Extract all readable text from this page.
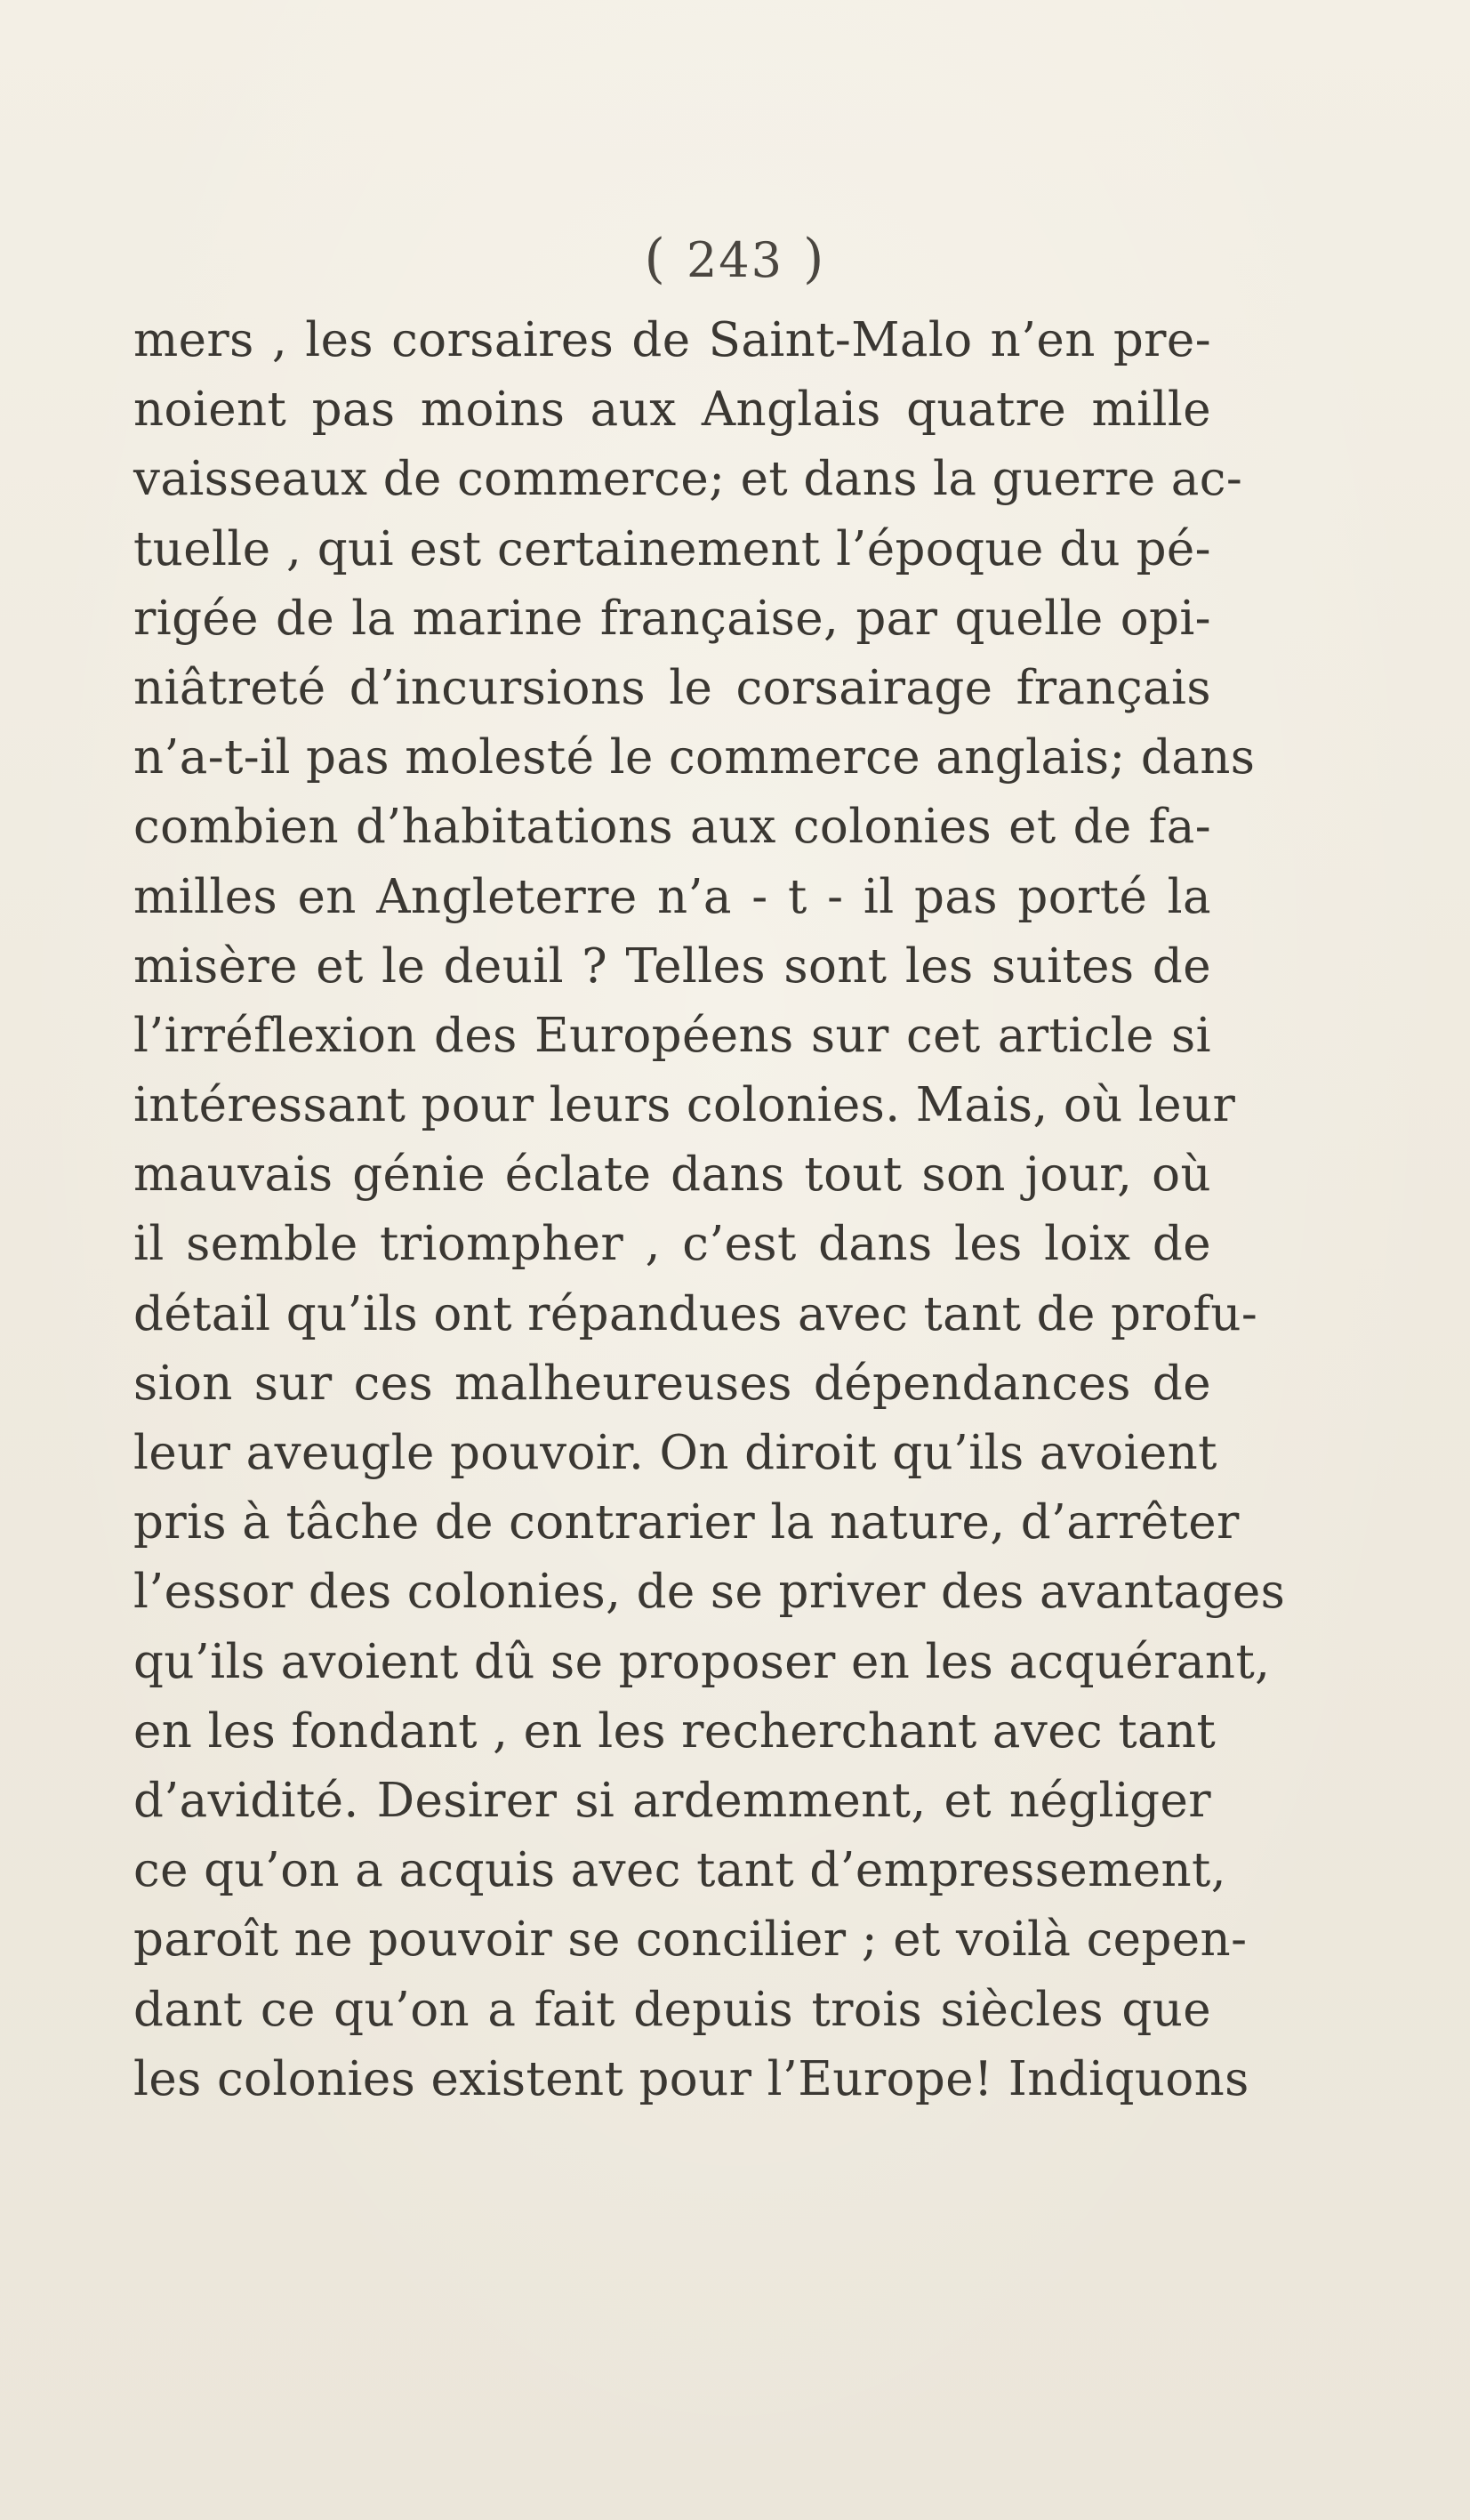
( 243 )
mers , les corsaires de Saint-Malo n’en pre-
noient pas moins aux Anglais quatre mille
vaisseaux de commerce; et dans la guerre ac-
tuelle , qui est certainement l’époque du pé-
rigée de la marine française, par quelle opi-
niâtreté d’incursions le corsairage français
n’a-t-il pas molesté le commerce anglais; dans
combien d’habitations aux colonies et de fa-
milles en Angleterre n’a - t - il pas porté la
misère et le deuil ? Telles sont les suites de
l’irréflexion des Européens sur cet article si
intéressant pour leurs colonies. Mais, où leur
mauvais génie éclate dans tout son jour, où
il semble triompher , c’est dans les loix de
détail qu’ils ont répandues avec tant de profu-
sion sur ces malheureuses dépendances de
leur aveugle pouvoir. On diroit qu’ils avoient
pris à tâche de contrarier la nature, d’arrêter
l’essor des colonies, de se priver des avantages
qu’ils avoient dû se proposer en les acquérant,
en les fondant , en les recherchant avec tant
d’avidité. Desirer si ardemment, et négliger
ce qu’on a acquis avec tant d’empressement,
paroît ne pouvoir se concilier ; et voilà cepen-
dant ce qu’on a fait depuis trois siècles que
les colonies existent pour l’Europe! Indiquons
